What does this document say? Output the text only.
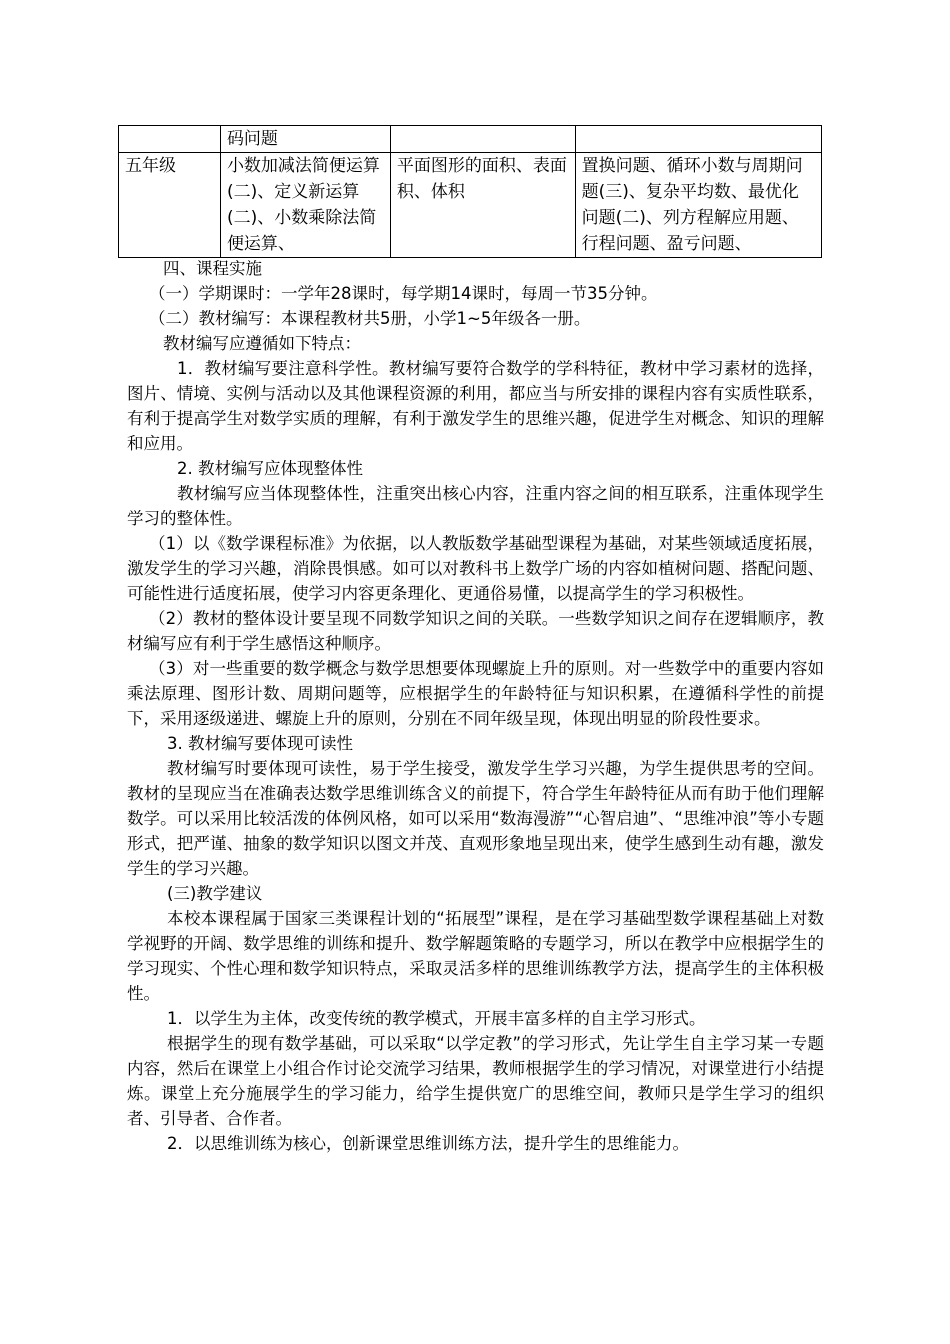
	码问题		
五年级	小数加减法简便运算(二)、定义新运算(二)、小数乘除法简便运算、	平面图形的面积、表面积、体积	置换问题、循环小数与周期问题(三)、复杂平均数、最优化问题(二)、列方程解应用题、行程问题、盈亏问题、

四、课程实施

（一）学期课时：一学年28课时，每学期14课时，每周一节35分钟。

（二）教材编写：本课程教材共5册，小学1~5年级各一册。

教材编写应遵循如下特点：

1．教材编写要注意科学性。教材编写要符合数学的学科特征，教材中学习素材的选择，图片、情境、实例与活动以及其他课程资源的利用，都应当与所安排的课程内容有实质性联系，有利于提高学生对数学实质的理解，有利于激发学生的思维兴趣，促进学生对概念、知识的理解和应用。

2. 教材编写应体现整体性

教材编写应当体现整体性，注重突出核心内容，注重内容之间的相互联系，注重体现学生学习的整体性。

（1）以《数学课程标准》为依据，以人教版数学基础型课程为基础，对某些领域适度拓展，激发学生的学习兴趣，消除畏惧感。如可以对教科书上数学广场的内容如植树问题、搭配问题、可能性进行适度拓展，使学习内容更条理化、更通俗易懂，以提高学生的学习积极性。

（2）教材的整体设计要呈现不同数学知识之间的关联。一些数学知识之间存在逻辑顺序，教材编写应有利于学生感悟这种顺序。

（3）对一些重要的数学概念与数学思想要体现螺旋上升的原则。对一些数学中的重要内容如乘法原理、图形计数、周期问题等，应根据学生的年龄特征与知识积累，在遵循科学性的前提下，采用逐级递进、螺旋上升的原则，分别在不同年级呈现，体现出明显的阶段性要求。

3. 教材编写要体现可读性

教材编写时要体现可读性，易于学生接受，激发学生学习兴趣，为学生提供思考的空间。教材的呈现应当在准确表达数学思维训练含义的前提下，符合学生年龄特征从而有助于他们理解数学。可以采用比较活泼的体例风格，如可以采用“数海漫游”“心智启迪”、“思维冲浪”等小专题形式，把严谨、抽象的数学知识以图文并茂、直观形象地呈现出来，使学生感到生动有趣，激发学生的学习兴趣。

(三)教学建议

本校本课程属于国家三类课程计划的“拓展型”课程，是在学习基础型数学课程基础上对数学视野的开阔、数学思维的训练和提升、数学解题策略的专题学习，所以在教学中应根据学生的学习现实、个性心理和数学知识特点，采取灵活多样的思维训练教学方法，提高学生的主体积极性。

1．以学生为主体，改变传统的教学模式，开展丰富多样的自主学习形式。

根据学生的现有数学基础，可以采取“以学定教”的学习形式，先让学生自主学习某一专题内容，然后在课堂上小组合作讨论交流学习结果，教师根据学生的学习情况，对课堂进行小结提炼。课堂上充分施展学生的学习能力，给学生提供宽广的思维空间，教师只是学生学习的组织者、引导者、合作者。

2．以思维训练为核心，创新课堂思维训练方法，提升学生的思维能力。
